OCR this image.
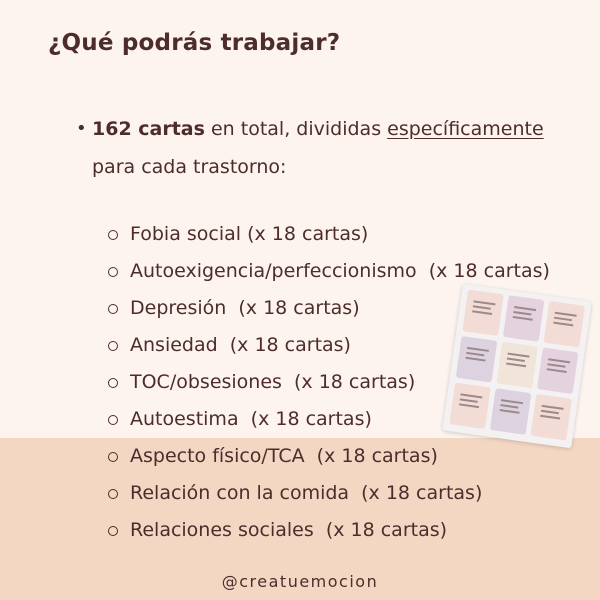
¿Qué podrás trabajar?
• 162 cartas en total, divididas específicamente
para cada trastorno:
Fobia social (x 18 cartas)
Autoexigencia/perfeccionismo  (x 18 cartas)
Depresión  (x 18 cartas)
Ansiedad  (x 18 cartas)
TOC/obsesiones  (x 18 cartas)
Autoestima  (x 18 cartas)
Aspecto físico/TCA  (x 18 cartas)
Relación con la comida  (x 18 cartas)
Relaciones sociales  (x 18 cartas)
@creatuemocion
